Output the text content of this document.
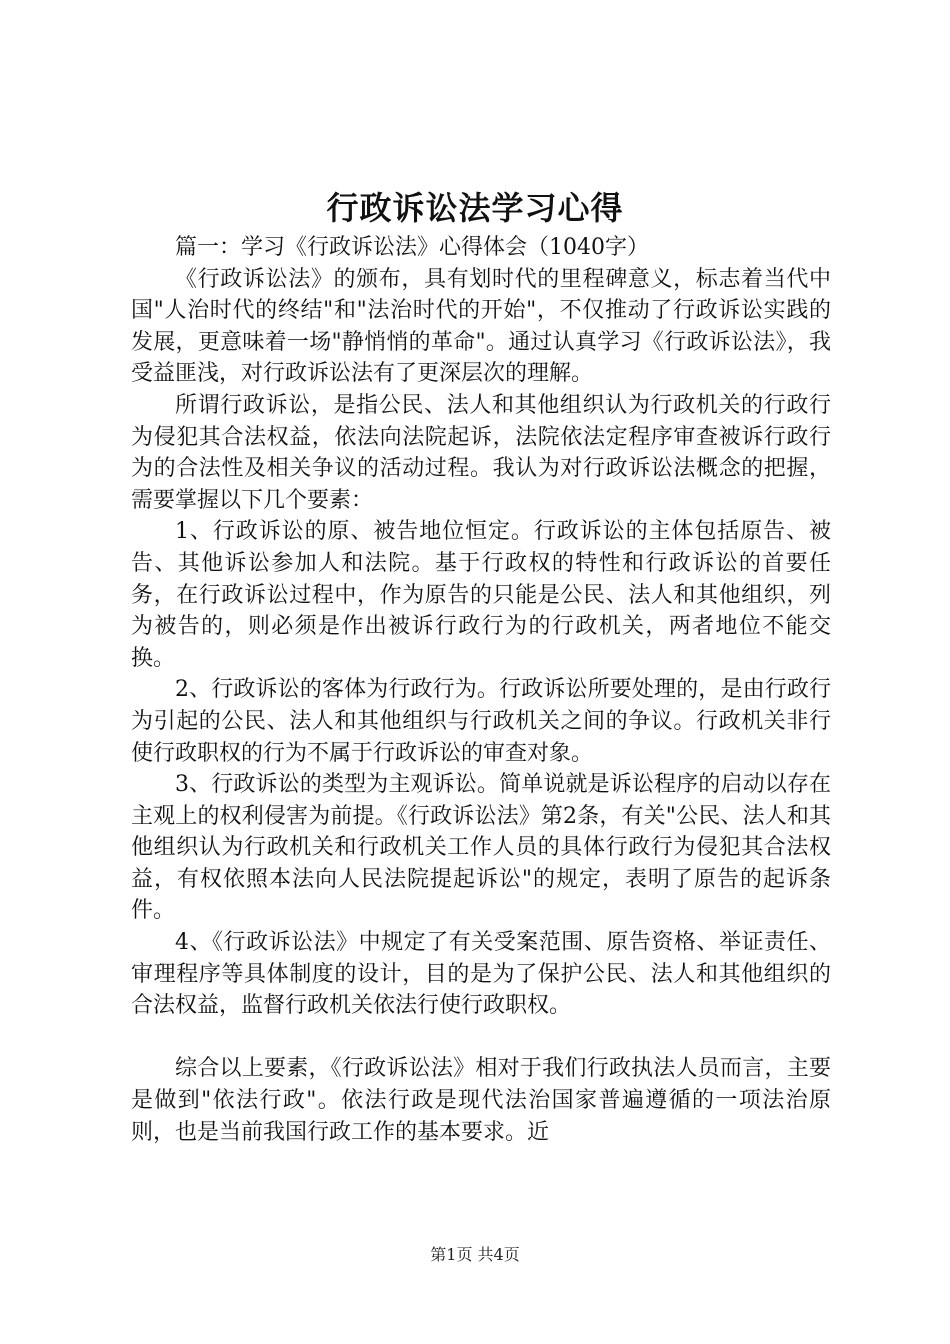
行政诉讼法学习心得

篇一：学习《行政诉讼法》心得体会（1040字）

《行政诉讼法》的颁布，具有划时代的里程碑意义，标志着当代中国"人治时代的终结"和"法治时代的开始"，不仅推动了行政诉讼实践的发展，更意味着一场"静悄悄的革命"。通过认真学习《行政诉讼法》，我受益匪浅，对行政诉讼法有了更深层次的理解。

所谓行政诉讼，是指公民、法人和其他组织认为行政机关的行政行为侵犯其合法权益，依法向法院起诉，法院依法定程序审查被诉行政行为的合法性及相关争议的活动过程。我认为对行政诉讼法概念的把握，需要掌握以下几个要素：

1、行政诉讼的原、被告地位恒定。行政诉讼的主体包括原告、被告、其他诉讼参加人和法院。基于行政权的特性和行政诉讼的首要任务，在行政诉讼过程中，作为原告的只能是公民、法人和其他组织，列为被告的，则必须是作出被诉行政行为的行政机关，两者地位不能交换。

2、行政诉讼的客体为行政行为。行政诉讼所要处理的，是由行政行为引起的公民、法人和其他组织与行政机关之间的争议。行政机关非行使行政职权的行为不属于行政诉讼的审查对象。

3、行政诉讼的类型为主观诉讼。简单说就是诉讼程序的启动以存在主观上的权利侵害为前提。《行政诉讼法》第2条，有关"公民、法人和其他组织认为行政机关和行政机关工作人员的具体行政行为侵犯其合法权益，有权依照本法向人民法院提起诉讼"的规定，表明了原告的起诉条件。

4、《行政诉讼法》中规定了有关受案范围、原告资格、举证责任、审理程序等具体制度的设计，目的是为了保护公民、法人和其他组织的合法权益，监督行政机关依法行使行政职权。

综合以上要素，《行政诉讼法》相对于我们行政执法人员而言，主要是做到"依法行政"。依法行政是现代法治国家普遍遵循的一项法治原则，也是当前我国行政工作的基本要求。近

第1页 共4页
